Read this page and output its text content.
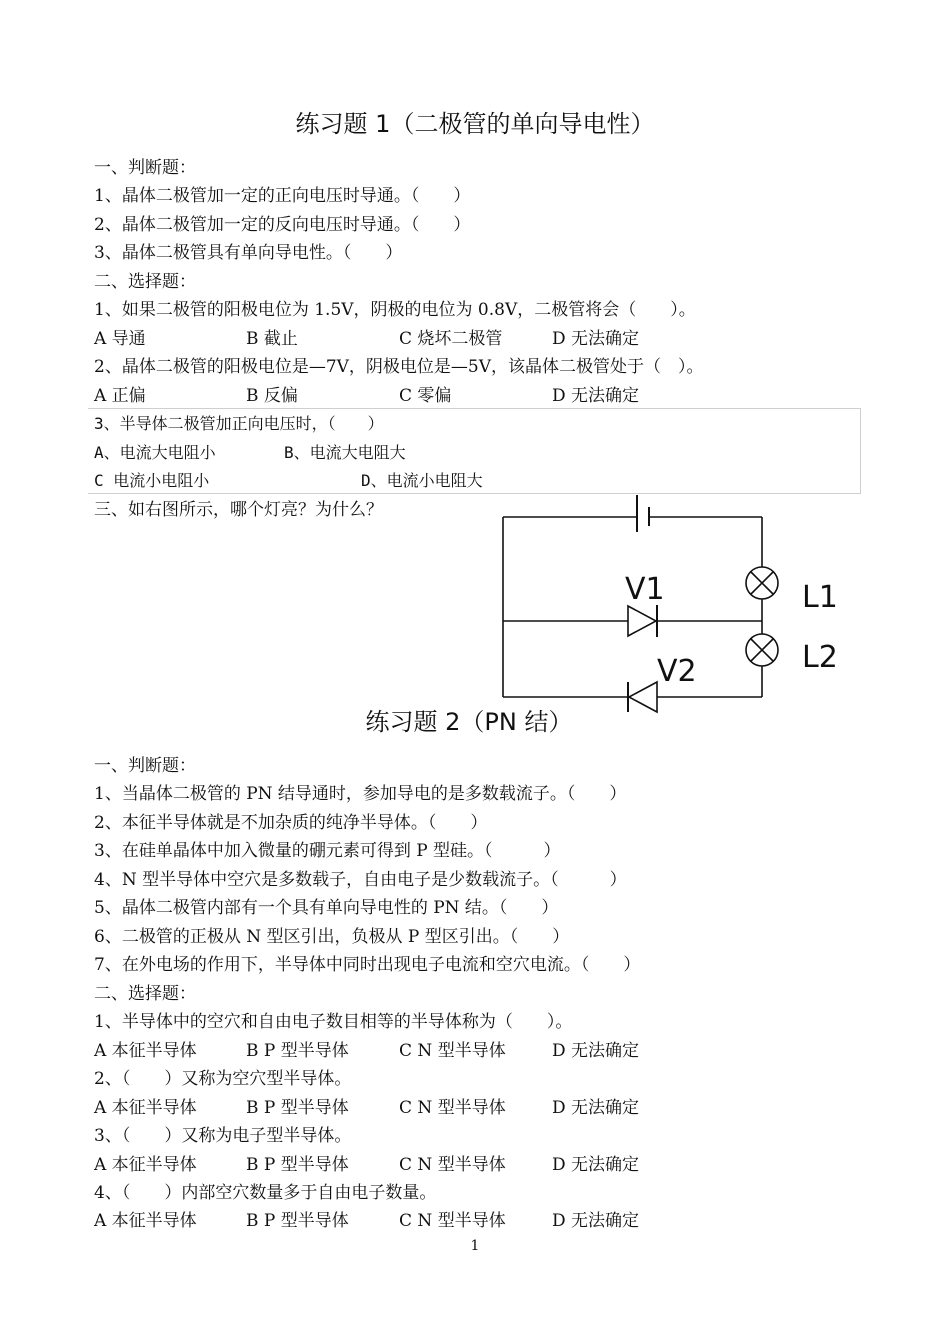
练习题 1（二极管的单向导电性）
一、判断题：
1、晶体二极管加一定的正向电压时导通。（　　）
2、晶体二极管加一定的反向电压时导通。（　　）
3、晶体二极管具有单向导电性。（　　）
二、选择题：
1、如果二极管的阳极电位为 1.5V，阴极的电位为 0.8V，二极管将会（　　）。
A 导通	B 截止	C 烧坏二极管	D 无法确定
2、晶体二极管的阳极电位是—7V，阴极电位是—5V，该晶体二极管处于（　）。
A 正偏	B 反偏	C 零偏	D 无法确定
3、半导体二极管加正向电压时，（　　）
A、电流大电阻小	B、电流大电阻大
C 电流小电阻小	D、电流小电阻大
三、如右图所示，哪个灯亮？为什么？
V1	L1
L2
V2
练习题 2（PN 结）
一、判断题：
1、当晶体二极管的 PN 结导通时，参加导电的是多数载流子。（　　）
2、本征半导体就是不加杂质的纯净半导体。（　　）
3、在硅单晶体中加入微量的硼元素可得到 P 型硅。（　　　）
4、N 型半导体中空穴是多数载子，自由电子是少数载流子。（　　　）
5、晶体二极管内部有一个具有单向导电性的 PN 结。（　　）
6、二极管的正极从 N 型区引出，负极从 P 型区引出。（　　）
7、在外电场的作用下，半导体中同时出现电子电流和空穴电流。（　　）
二、选择题：
1、半导体中的空穴和自由电子数目相等的半导体称为（　　）。
A 本征半导体	B P 型半导体	C N 型半导体	D 无法确定
2、（　　）又称为空穴型半导体。
A 本征半导体	B P 型半导体	C N 型半导体	D 无法确定
3、（　　）又称为电子型半导体。
A 本征半导体	B P 型半导体	C N 型半导体	D 无法确定
4、（　　）内部空穴数量多于自由电子数量。
A 本征半导体	B P 型半导体	C N 型半导体	D 无法确定
1
